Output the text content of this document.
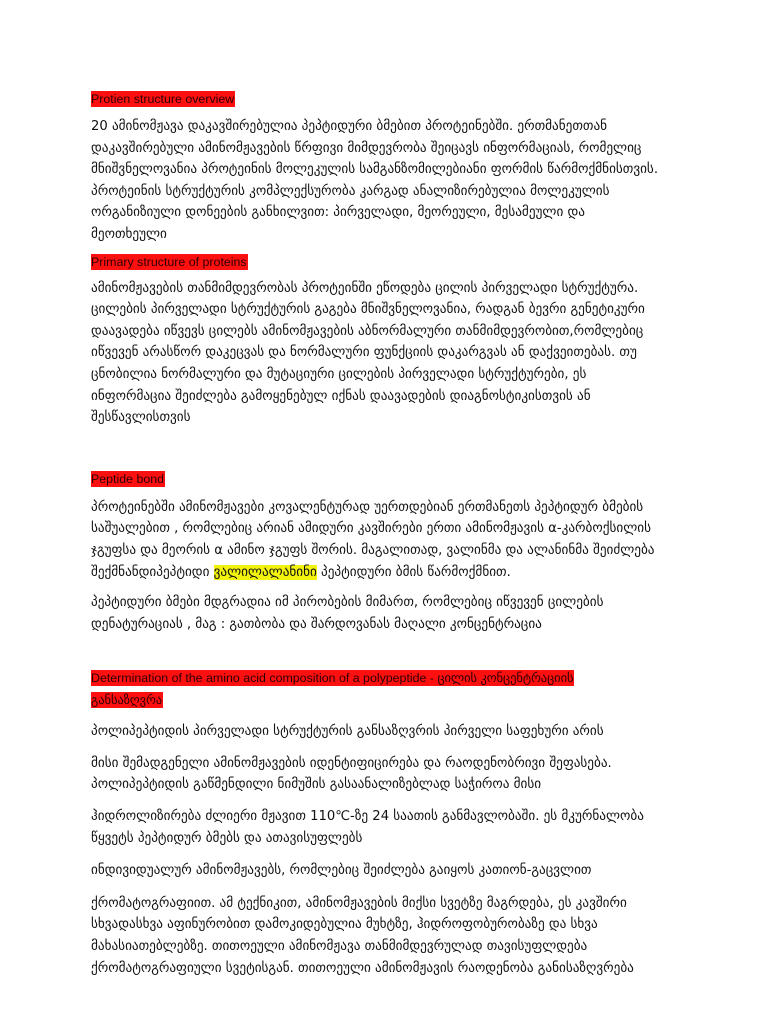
Protien structure overview
20 ამინომჟავა დაკავშირებულია პეპტიდური ბმებით პროტეინებში. ერთმანეთთან
დაკავშირებული ამინომჟავების წრფივი მიმდევრობა შეიცავს ინფორმაციას, რომელიც
მნიშვნელოვანია პროტეინის მოლეკულის სამგანზომილებიანი ფორმის წარმოქმნისთვის.
პროტეინის სტრუქტურის კომპლექსურობა კარგად ანალიზირებულია მოლეკულის
ორგანიზიული დონეების განხილვით: პირველადი, მეორეული, მესამეული და
მეოთხეული
Primary structure of proteins
ამინომჟავების თანმიმდევრობას პროტეინში ეწოდება ცილის პირველადი სტრუქტურა.
ცილების პირველადი სტრუქტურის გაგება მნიშვნელოვანია, რადგან ბევრი გენეტიკური
დაავადება იწვევს ცილებს ამინომჟავების აბნორმალური თანმიმდევრობით,რომლებიც
იწვევენ არასწორ დაკეცვას და ნორმალური ფუნქციის დაკარგვას ან დაქვეითებას. თუ
ცნობილია ნორმალური და მუტაციური ცილების პირველადი სტრუქტურები, ეს
ინფორმაცია შეიძლება გამოყენებულ იქნას დაავადების დიაგნოსტიკისთვის ან
შესწავლისთვის
Peptide bond
პროტეინებში ამინომჟავები კოვალენტურად უერთდებიან ერთმანეთს პეპტიდურ ბმების
საშუალებით , რომლებიც არიან ამიდური კავშირები ერთი ამინომჟავის α-კარბოქსილის
ჯგუფსა და მეორის α ამინო ჯგუფს შორის. მაგალითად, ვალინმა და ალანინმა შეიძლება
შექმნანდიპეპტიდი ვალილალანინი პეპტიდური ბმის წარმოქმნით.
პეპტიდური ბმები მდგრადია იმ პირობების მიმართ, რომლებიც იწვევენ ცილების
დენატურაციას , მაგ : გათბობა და შარდოვანას მაღალი კონცენტრაცია
Determination of the amino acid composition of a polypeptide - ცილის კონცენტრაციის
განსაზღვრა
პოლიპეპტიდის პირველადი სტრუქტურის განსაზღვრის პირველი საფეხური არის
მისი შემადგენელი ამინომჟავების იდენტიფიცირება და რაოდენობრივი შეფასება.
პოლიპეპტიდის გაწმენდილი ნიმუშის გასაანალიზებლად საჭიროა მისი
ჰიდროლიზირება ძლიერი მჟავით 110℃-ზე 24 საათის განმავლობაში. ეს მკურნალობა
წყვეტს პეპტიდურ ბმებს და ათავისუფლებს
ინდივიდუალურ ამინომჟავებს, რომლებიც შეიძლება გაიყოს კათიონ-გაცვლით
ქრომატოგრაფიით. ამ ტექნიკით, ამინომჟავების მიქსი სვეტზე მაგრდება, ეს კავშირი
სხვადასხვა აფინურობით დამოკიდებულია მუხტზე, ჰიდროფობურობაზე და სხვა
მახასიათებლებზე. თითოეული ამინომჟავა თანმიმდევრულად თავისუფლდება
ქრომატოგრაფიული სვეტისგან. თითოეული ამინომჟავის რაოდენობა განისაზღვრება
